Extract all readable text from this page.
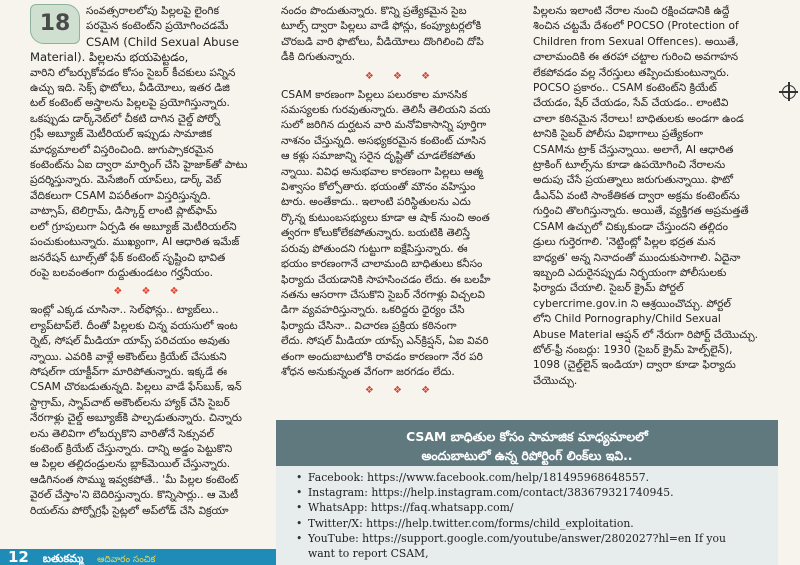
18
సంవత్సరాలలోపు పిల్లలపై లైంగిక
పరమైన కంటెంట్‌ని ప్రయోగించడమే
CSAM (Child Sexual Abuse
Material). పిల్లలను భయపెట్టడం,
వారిని లోబర్చుకోవడం కోసం సైబర్ కీచకులు పన్నిన
ఉచ్చు ఇది. సెక్స్ ఫొటోలు, వీడియోలు, ఇతర డిజి
టల్ కంటెంట్ అస్త్రాలను పిల్లలపై ప్రయోగిస్తున్నారు.
ఒకప్పుడు డార్క్‌నెట్‌లో చీకటి దాగిన చైల్డ్ పోర్నో
గ్రఫీ అబ్యూజ్ మెటీరియల్ ఇప్పుడు సామాజిక
మాధ్యమాలలో విస్తరించింది. జుగుప్సాకరమైన
కంటెంట్‌ను ఏఐ ద్వారా మార్ఫింగ్ చేసి హైజాక్‌తో పాటు
ప్రదర్శిస్తున్నారు. మెసేజింగ్ యాప్‌లు, డార్క్ వెబ్
వేదికలుగా CSAM విపరీతంగా విస్తరిస్తున్నది.
వాట్సాప్, టెలిగ్రామ్, డిస్కార్డ్ లాంటి ప్లాట్‌ఫామ్
లలో గ్రూపులుగా ఏర్పడి ఈ అబ్యూజ్ మెటీరియల్‌ని
పంచుకుంటున్నారు. ముఖ్యంగా, AI ఆధారిత ఇమేజ్
జనరేషన్ టూల్స్‌తో ఫేక్ కంటెంట్ సృష్టించి భావిత
రంపై బలవంతంగా రుద్దుతుండటం గర్హనీయం.
❖ ❖ ❖
ఇంట్లో ఎక్కడ చూసినా.. సెల్‌ఫోన్లు.. ట్యాబ్‌లు..
ల్యాప్‌టాప్‌లే. దీంతో పిల్లలకు చిన్న వయసులో ఇంట
ర్నెట్, సోషల్ మీడియా యాప్స్ పరిచయం అవుతు
న్నాయి. ఎవరికి వాళ్లే అకౌంట్‌లు క్రియేట్ చేసుకుని
సోషల్‌గా యాక్టీవ్‌గా మారిపోతున్నారు. ఇక్కడే ఈ
CSAM చొరబడుతున్నది. పిల్లలు వాడే ఫేస్‌బుక్, ఇన్
స్టాగ్రామ్, స్నాప్‌చాట్ అకౌంట్‌లను హ్యాక్ చేసి సైబర్
నేరగాళ్లు చైల్డ్ అబ్యూజ్‌కి పాల్పడుతున్నారు. చిన్నారు
లను తెలివిగా లోబర్చుకొని వారితోనే సెక్సువల్
కంటెంట్ క్రియేట్ చేస్తున్నారు. దాన్ని అడ్డం పెట్టుకొని
ఆ పిల్లల తల్లిదండ్రులను బ్లాక్‌మెయిల్ చేస్తున్నారు.
ఆడిగినంత సొమ్ము ఇవ్వకపోతే.. 'మీ పిల్లల కంటెంట్
వైరల్ చేస్తాం'ని బెదిరిస్తున్నారు. కొన్నిసార్లు.. ఆ మెటీ
రియల్‌ను పోర్నోగ్రఫీ సైట్లలో అప్‌లోడ్ చేసి విక్రయా
నందం పొందుతున్నారు. కొన్ని ప్రత్యేకమైన సైబ
టూల్స్ ద్వారా పిల్లలు వాడే ఫోన్లు, కంప్యూటర్లలోకి
చొరబడి వారి ఫొటోలు, వీడియోలు దొంగిలించి దోపి
డీకి దిగుతున్నారు.
❖ ❖ ❖
CSAM కారణంగా పిల్లలు పలురకాల మానసిక
సమస్యలకు గురవుతున్నారు. తెలిసీ తెలియని వయ
సులో జరిగిన దుర్ఘటన వారి మనోవికాసాన్ని పూర్తిగా
నాశనం చేస్తున్నది. అసభ్యకరమైన కంటెంట్ చూసిన
ఆ కళ్లు సమాజాన్ని సరైన దృష్టితో చూడలేకపోతు
న్నాయి. వివిధ అనుభవాల కారణంగా పిల్లలు ఆత్మ
విశ్వాసం కోల్పోతారు. భయంతో మౌనం వహిస్తుం
టారు. అంతేకాదు.. ఇలాంటి పరిస్థితులను ఎదు
ర్కొన్న కుటుంబసభ్యులు కూడా ఆ షాక్ నుంచి అంత
త్వరగా కోలుకోలేకపోతున్నారు. బయటికి తెలిస్తే
పరువు పోతుందని గుట్టుగా ఐక్షేపిస్తున్నారు. ఈ
భయం కారణంగానే చాలామంది బాధితులు కనీసం
ఫిర్యాదు చేయడానికి సాహసించడం లేదు. ఈ బలహీ
నతను ఆసరాగా చేసుకొని సైబర్ నేరగాళ్లు విచ్చలవి
డిగా వ్యవహరిస్తున్నారు. ఒకరిద్దరు ధైర్యం చేసి
ఫిర్యాదు చేసినా.. విచారణ ప్రక్రియ కఠినంగా
లేదు. సోషల్ మీడియా యాప్స్ ఎన్‌క్రిప్షన్, ఏఐ వివరి
తంగా అందుబాటులోకి రావడం కారణంగా నేర పరి
శోధన అనుకున్నంత వేగంగా జరగడం లేదు.
❖ ❖ ❖
పిల్లలను ఇలాంటి నేరాల నుంచి రక్షించడానికి ఉద్దే
శించిన చట్టమే దేశంలో POCSO (Protection of
Children from Sexual Offences). అయితే,
చాలామందికి ఈ తరహా చట్టాల గురించి అవగాహన
లేకపోవడం వల్ల నేరస్తులు తప్పించుకుంటున్నారు.
POCSO ప్రకారం.. CSAM కంటెంట్‌ని క్రియేట్
చేయడం, షేర్ చేయడం, సేవ్ చేయడం.. లాంటివి
చాలా కఠినమైన నేరాలు! బాధితులకు అండగా ఉండ
టానికి సైబర్ పోలీసు విభాగాలు ప్రత్యేకంగా
CSAMను ట్రాక్ చేస్తున్నాయి. అలాగే, AI ఆధారిత
ట్రాకింగ్ టూల్స్‌ను కూడా ఉపయోగించి నేరాలను
అదుపు చేసే ప్రయత్నాలు జరుగుతున్నాయి. ఫొటో
డీఎన్ఏ వంటి సాంకేతికత ద్వారా అక్రమ కంటెంట్‌ను
గుర్తించి తొలగిస్తున్నారు. అయితే, వ్యక్తిగత అప్రమత్తతే
CSAM ఉచ్చులో చిక్కుకుండా చేస్తుందని తల్లిదం
డ్రులు గుర్తెరగాలి. 'నెట్టింట్లో పిల్లల భద్రత మన
బాధ్యత' అన్న నినాదంతో ముందుకుసాగాలి. ఏదైనా
ఇబ్బంది ఎదురైనప్పుడు నిర్భయంగా పోలీసులకు
ఫిర్యాదు చేయాలి. సైబర్ క్రైమ్ పోర్టల్
cybercrime.gov.in ని ఆశ్రయించొచ్చు. పోర్టల్
లోని Child Pornography/Child Sexual
Abuse Material ఆప్షన్ లో నేరుగా రిపోర్ట్ చేయొచ్చు.
టోల్-ఫ్రీ నంబర్లు: 1930 (సైబర్ క్రైమ్ హెల్ప్‌లైన్),
1098 (చైల్డ్‌లైన్ ఇండియా) ద్వారా కూడా ఫిర్యాదు
చేయొచ్చు.
CSAM బాధితుల కోసం సామాజిక మాధ్యమాలలో
అందుబాటులో ఉన్న రిపోర్టింగ్ లింక్‌లు ఇవి..
• Facebook: https://www.facebook.com/help/181495968648557.
• Instagram: https://help.instagram.com/contact/383679321740945.
• WhatsApp: https://faq.whatsapp.com/
• Twitter/X: https://help.twitter.com/forms/child_exploitation.
• YouTube: https://support.google.com/youtube/answer/2802027?hl=en If you
want to report CSAM,
12 బతుకమ్మ ఆదివారం సంచిక
